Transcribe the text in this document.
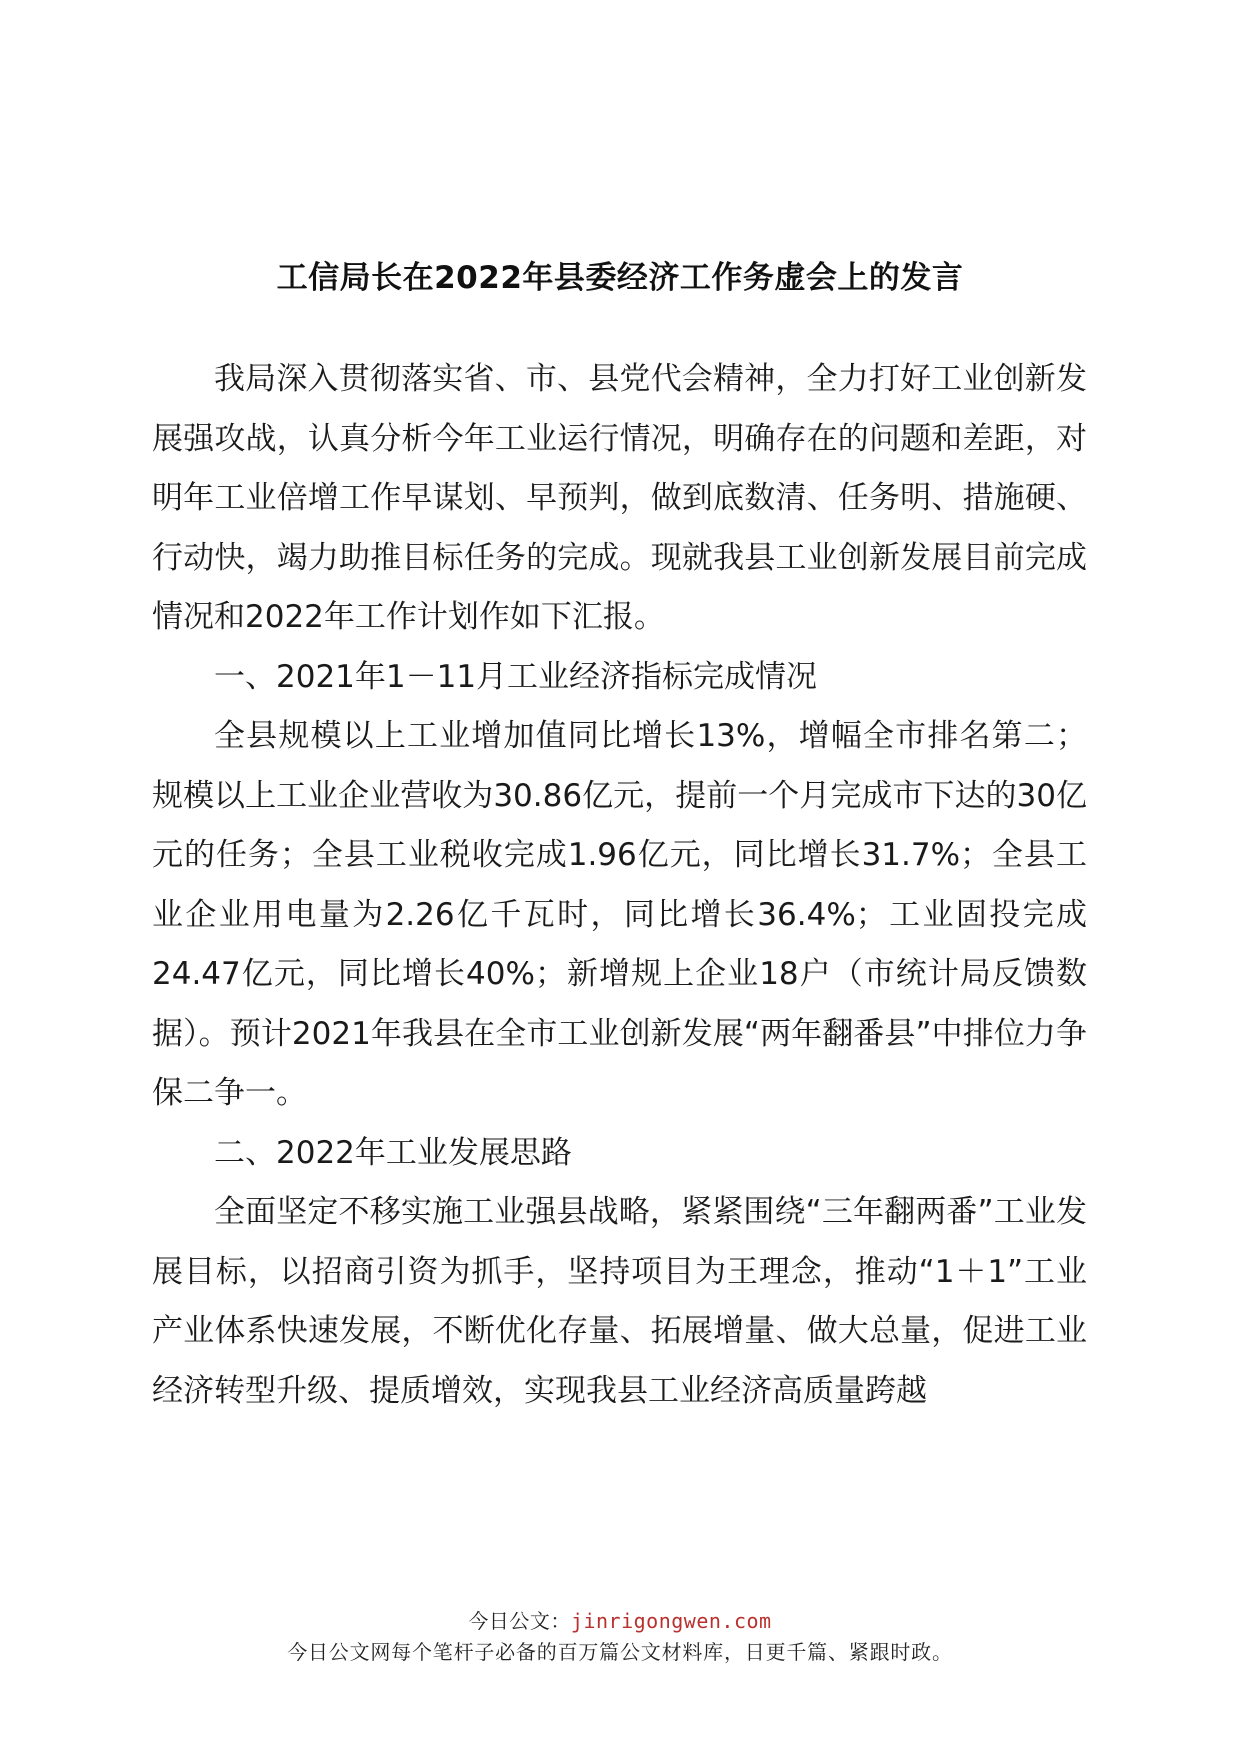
工信局长在2022年县委经济工作务虚会上的发言

我局深入贯彻落实省、市、县党代会精神，全力打好工业创新发展强攻战，认真分析今年工业运行情况，明确存在的问题和差距，对明年工业倍增工作早谋划、早预判，做到底数清、任务明、措施硬、行动快，竭力助推目标任务的完成。现就我县工业创新发展目前完成情况和2022年工作计划作如下汇报。

一、2021年1－11月工业经济指标完成情况

全县规模以上工业增加值同比增长13%，增幅全市排名第二；规模以上工业企业营收为30.86亿元，提前一个月完成市下达的30亿元的任务；全县工业税收完成1.96亿元，同比增长31.7%；全县工业企业用电量为2.26亿千瓦时，同比增长36.4%；工业固投完成24.47亿元，同比增长40%；新增规上企业18户（市统计局反馈数据）。预计2021年我县在全市工业创新发展“两年翻番县”中排位力争保二争一。

二、2022年工业发展思路

全面坚定不移实施工业强县战略，紧紧围绕“三年翻两番”工业发展目标，以招商引资为抓手，坚持项目为王理念，推动“1＋1”工业产业体系快速发展，不断优化存量、拓展增量、做大总量，促进工业经济转型升级、提质增效，实现我县工业经济高质量跨越

今日公文：jinrigongwen.com
今日公文网每个笔杆子必备的百万篇公文材料库，日更千篇、紧跟时政。
